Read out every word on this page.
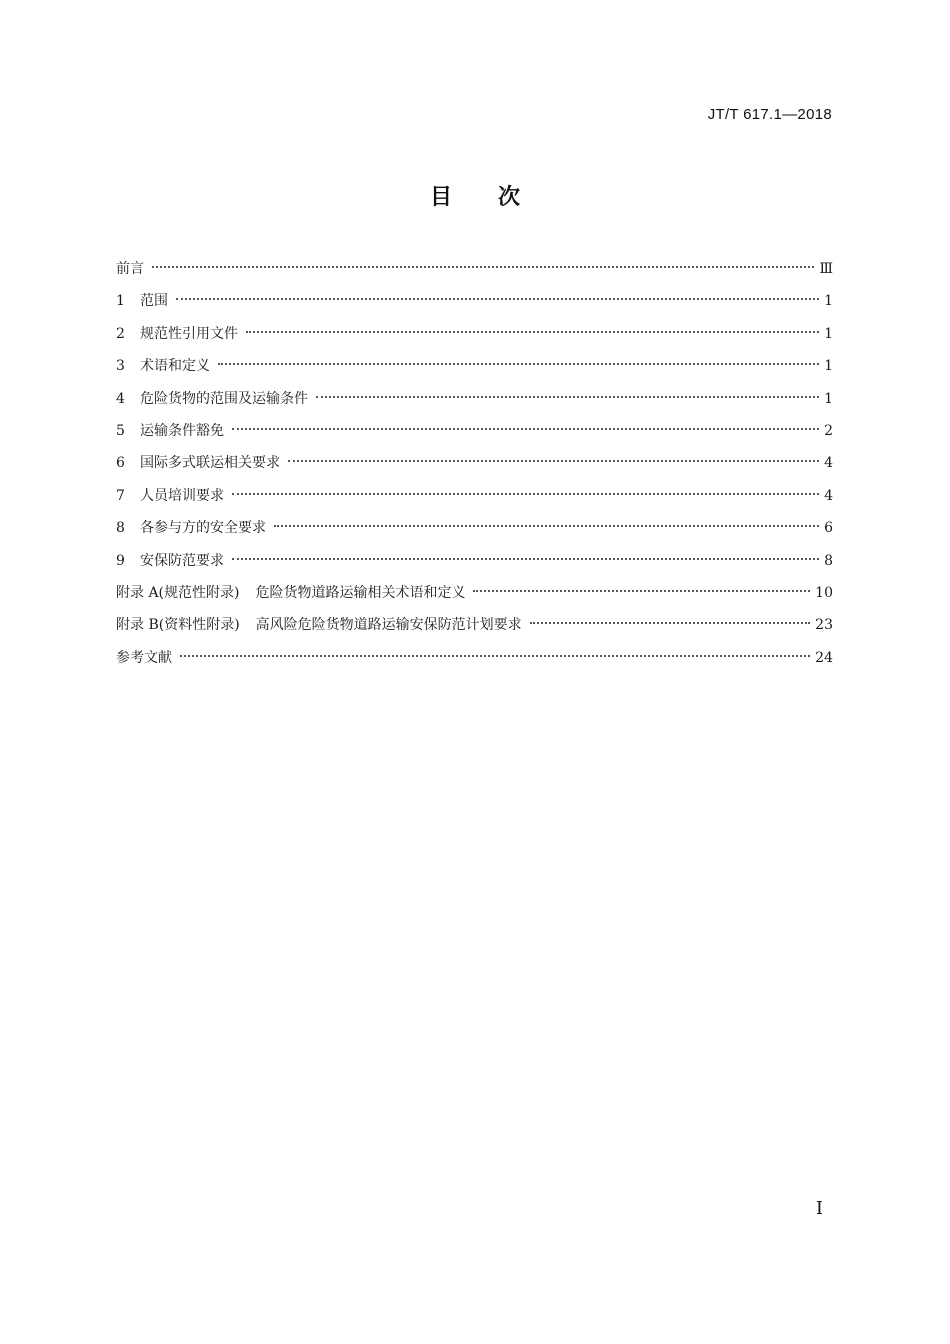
JT/T 617.1—2018
目 次
前言	Ⅲ
1	范围	1
2	规范性引用文件	1
3	术语和定义	1
4	危险货物的范围及运输条件	1
5	运输条件豁免	2
6	国际多式联运相关要求	4
7	人员培训要求	4
8	各参与方的安全要求	6
9	安保防范要求	8
附录 A(规范性附录) 危险货物道路运输相关术语和定义	10
附录 B(资料性附录) 高风险危险货物道路运输安保防范计划要求	23
参考文献	24
I
